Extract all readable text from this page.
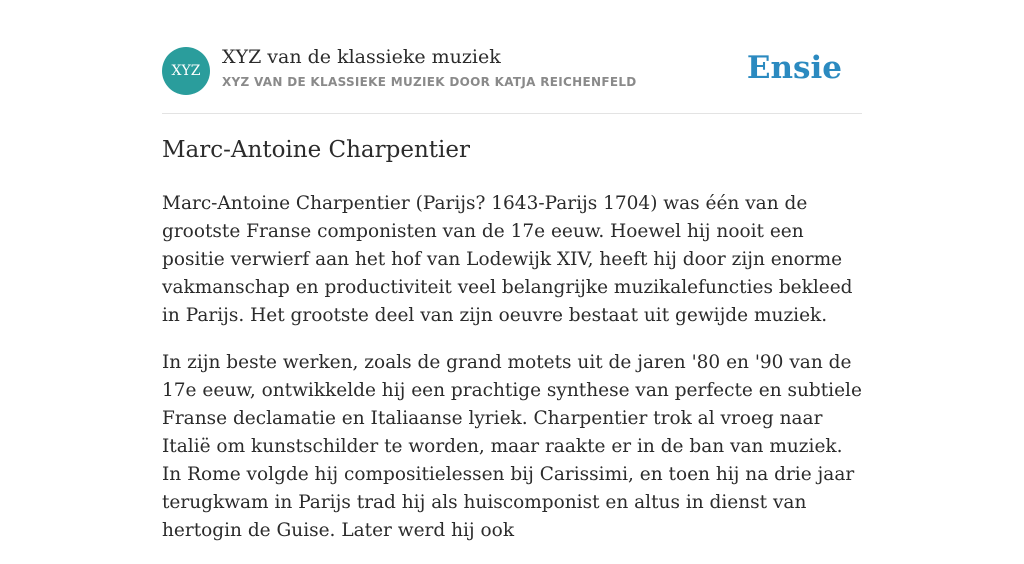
XYZ
XYZ van de klassieke muziek
XYZ VAN DE KLASSIEKE MUZIEK DOOR KATJA REICHENFELD	Ensie
Marc-Antoine Charpentier

Marc-Antoine Charpentier (Parijs? 1643-Parijs 1704) was één van de grootste Franse componisten van de 17e eeuw. Hoewel hij nooit een positie verwierf aan het hof van Lodewijk XIV, heeft hij door zijn enorme vakmanschap en productiviteit veel belangrijke muzikalefuncties bekleed in Parijs. Het grootste deel van zijn oeuvre bestaat uit gewijde muziek.

In zijn beste werken, zoals de grand motets uit de jaren '80 en '90 van de 17e eeuw, ontwikkelde hij een prachtige synthese van perfecte en subtiele Franse declamatie en Italiaanse lyriek. Charpentier trok al vroeg naar Italië om kunstschilder te worden, maar raakte er in de ban van muziek. In Rome volgde hij compositielessen bij Carissimi, en toen hij na drie jaar terugkwam in Parijs trad hij als huiscomponist en altus in dienst van hertogin de Guise. Later werd hij ook
